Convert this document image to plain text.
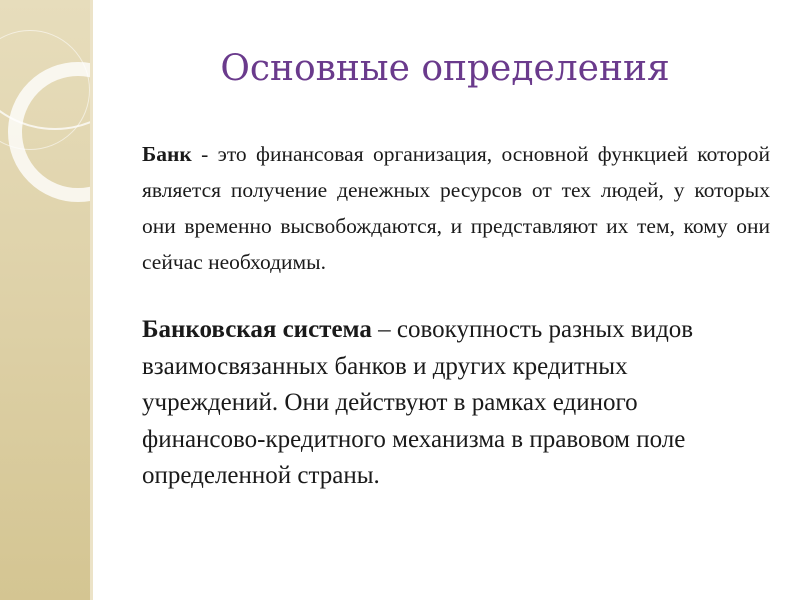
Основные определения

Банк - это финансовая организация, основной функцией которой является получение денежных ресурсов от тех людей, у которых они временно высвобождаются, и представляют их тем, кому они сейчас необходимы.

Банковская система – совокупность разных видов взаимосвязанных банков и других кредитных учреждений. Они действуют в рамках единого финансово-кредитного механизма в правовом поле определенной страны.
